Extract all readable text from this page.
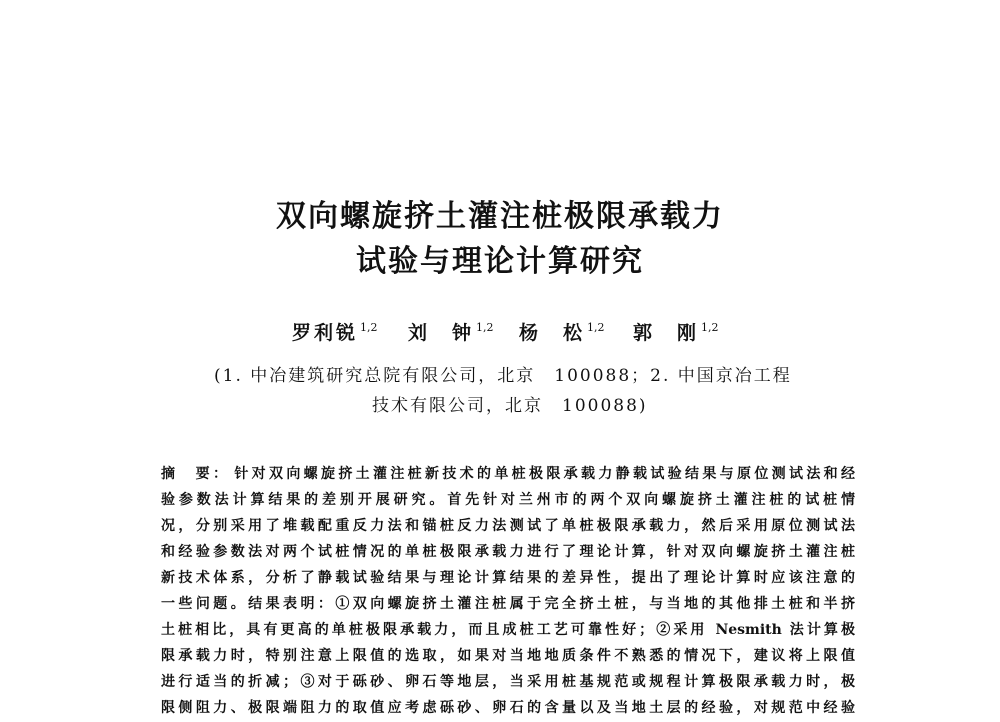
双向螺旋挤土灌注桩极限承载力
试验与理论计算研究
罗利锐 $^{1,2}$ 刘　钟 $^{1,2}$ 杨　松 $^{1,2}$ 郭　刚 $^{1,2}$
(1. 中冶建筑研究总院有限公司，北京　100088；2. 中国京冶工程
技术有限公司，北京　100088)
摘　要： 针对双向螺旋挤土灌注桩新技术的单桩极限承载力静载试验结果与原位测试法和经
验参数法计算结果的差别开展研究。首先针对兰州市的两个双向螺旋挤土灌注桩的试桩情
况，分别采用了堆载配重反力法和锚桩反力法测试了单桩极限承载力，然后采用原位测试法
和经验参数法对两个试桩情况的单桩极限承载力进行了理论计算，针对双向螺旋挤土灌注桩
新技术体系，分析了静载试验结果与理论计算结果的差异性，提出了理论计算时应该注意的
一些问题。结果表明：①双向螺旋挤土灌注桩属于完全挤土桩，与当地的其他排土桩和半挤
土桩相比，具有更高的单桩极限承载力，而且成桩工艺可靠性好；②采用 Nesmith 法计算极
限承载力时，特别注意上限值的选取，如果对当地地质条件不熟悉的情况下，建议将上限值
进行适当的折减；③对于砾砂、卵石等地层，当采用桩基规范或规程计算极限承载力时，极
限侧阻力、极限端阻力的取值应考虑砾砂、卵石的含量以及当地土层的经验，对规范中经验
